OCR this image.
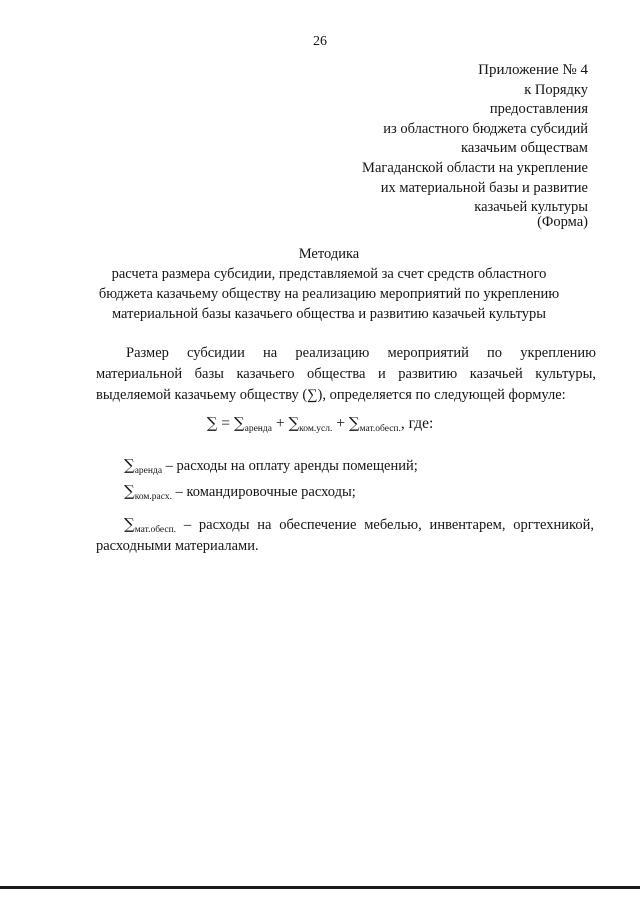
26
Приложение № 4
к Порядку
предоставления
из областного бюджета субсидий
казачьим обществам
Магаданской области на укрепление
их материальной базы и развитие
казачьей культуры
(Форма)
Методика
расчета размера субсидии, представляемой за счет средств областного
бюджета казачьему обществу на реализацию мероприятий по укреплению
материальной базы казачьего общества и развитию казачьей культуры
Размер субсидии на реализацию мероприятий по укреплению
материальной базы казачьего общества и развитию казачьей культуры,
выделяемой казачьему обществу (∑), определяется по следующей формуле:
∑ = $\sum_{аренда} + \sum_{ком.усл.} + \sum_{мат.обесп.}$, где:
$\sum_{аренда}$ – расходы на оплату аренды помещений;
$\sum_{ком.расх.}$ – командировочные расходы;
$\sum_{мат.обесп.}$ – расходы на обеспечение мебелью, инвентарем, оргтехникой,
расходными материалами.
